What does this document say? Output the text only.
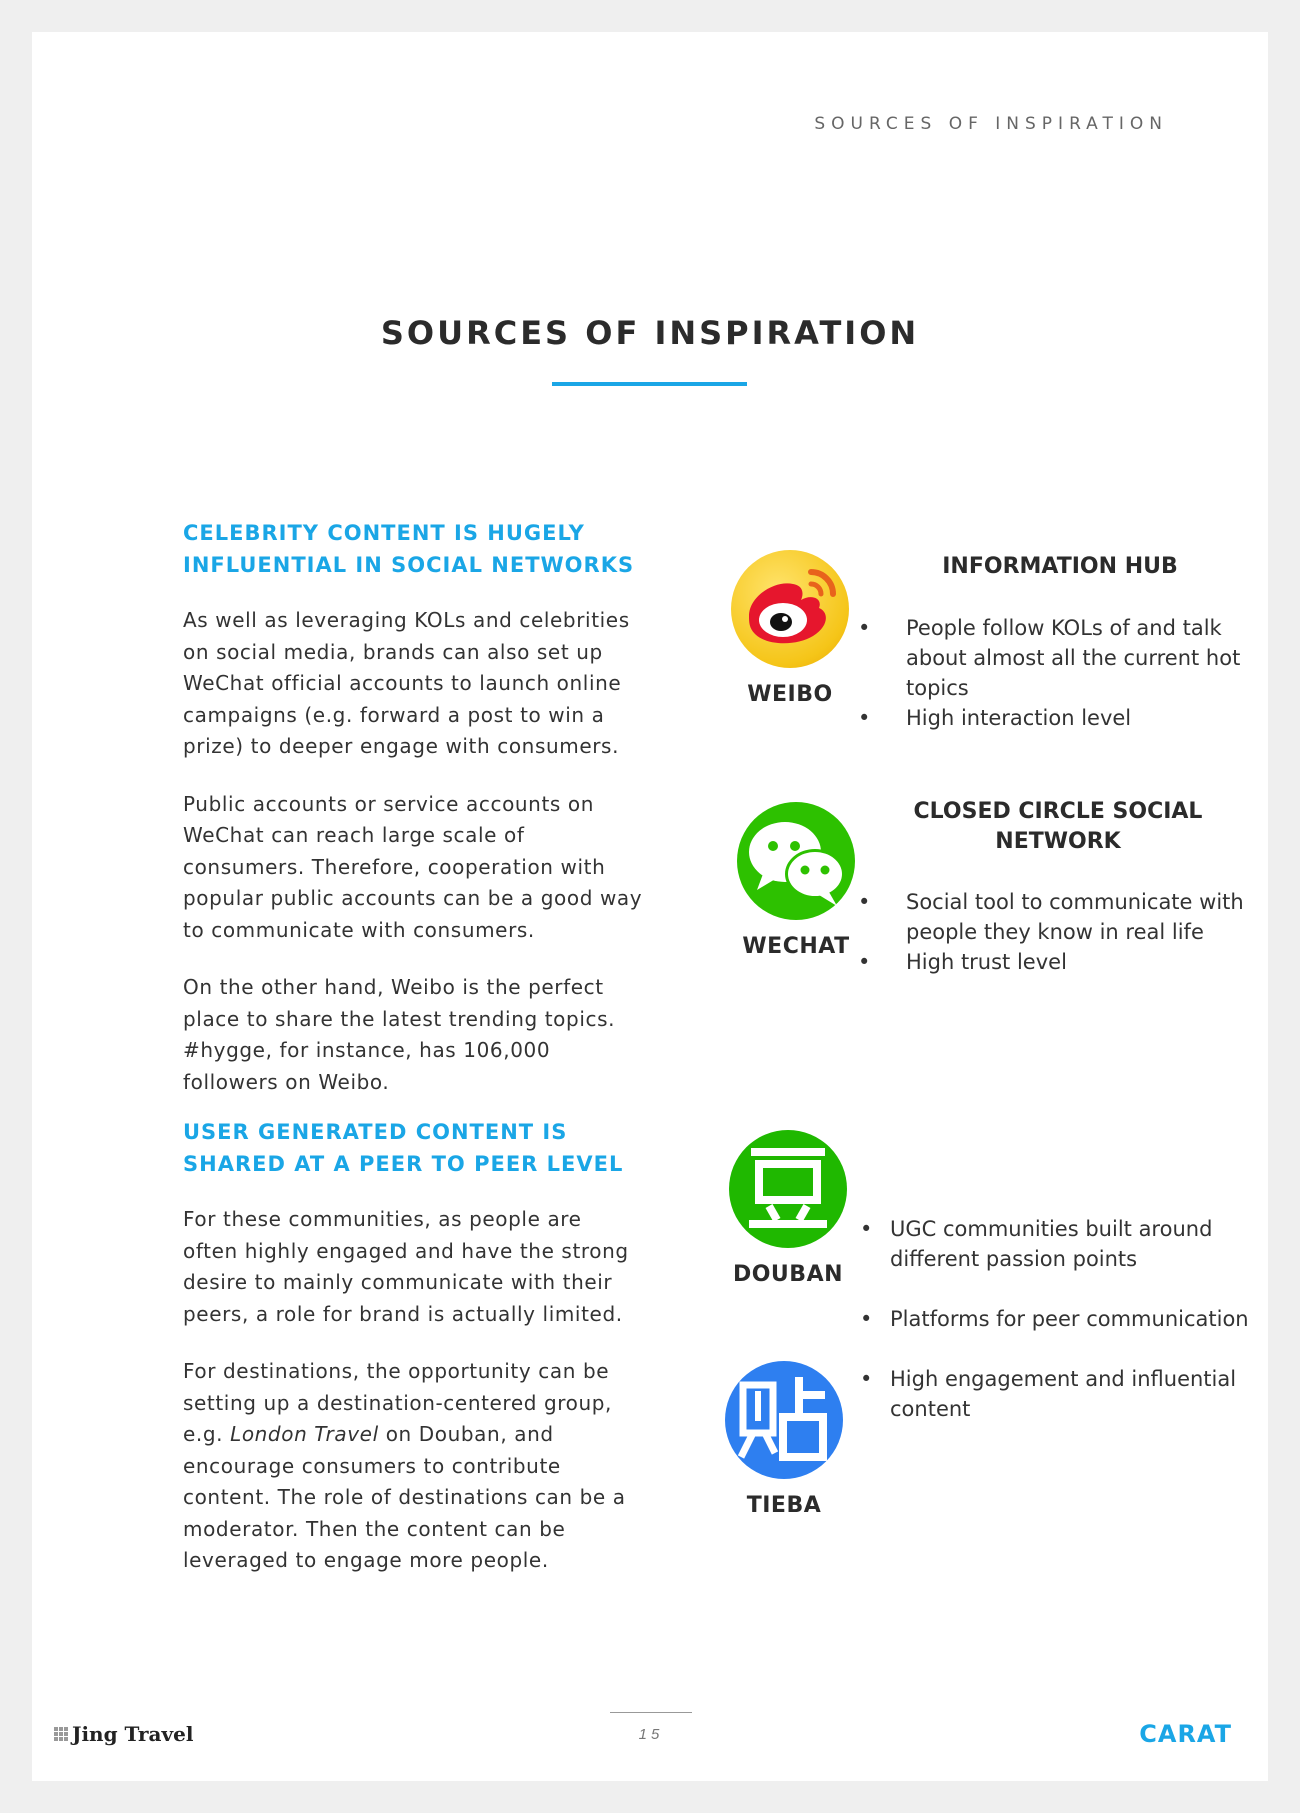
SOURCES OF INSPIRATION
SOURCES OF INSPIRATION
CELEBRITY CONTENT IS HUGELY INFLUENTIAL IN SOCIAL NETWORKS

As well as leveraging KOLs and celebrities on social media, brands can also set up WeChat official accounts to launch online campaigns (e.g. forward a post to win a prize) to deeper engage with consumers.

Public accounts or service accounts on WeChat can reach large scale of consumers. Therefore, cooperation with popular public accounts can be a good way to communicate with consumers.

On the other hand, Weibo is the perfect place to share the latest trending topics. #hygge, for instance, has 106,000 followers on Weibo.

USER GENERATED CONTENT IS SHARED AT A PEER TO PEER LEVEL

For these communities, as people are often highly engaged and have the strong desire to mainly communicate with their peers, a role for brand is actually limited.

For destinations, the opportunity can be setting up a destination-centered group, e.g. London Travel on Douban, and encourage consumers to contribute content. The role of destinations can be a moderator. Then the content can be leveraged to engage more people.

WEIBO
INFORMATION HUB
• People follow KOLs of and talk about almost all the current hot topics
• High interaction level
WECHAT
CLOSED CIRCLE SOCIAL NETWORK
• Social tool to communicate with people they know in real life
• High trust level
DOUBAN
• UGC communities built around different passion points
• Platforms for peer communication
• High engagement and influential content
TIEBA
15
Jing Travel	CARAT
